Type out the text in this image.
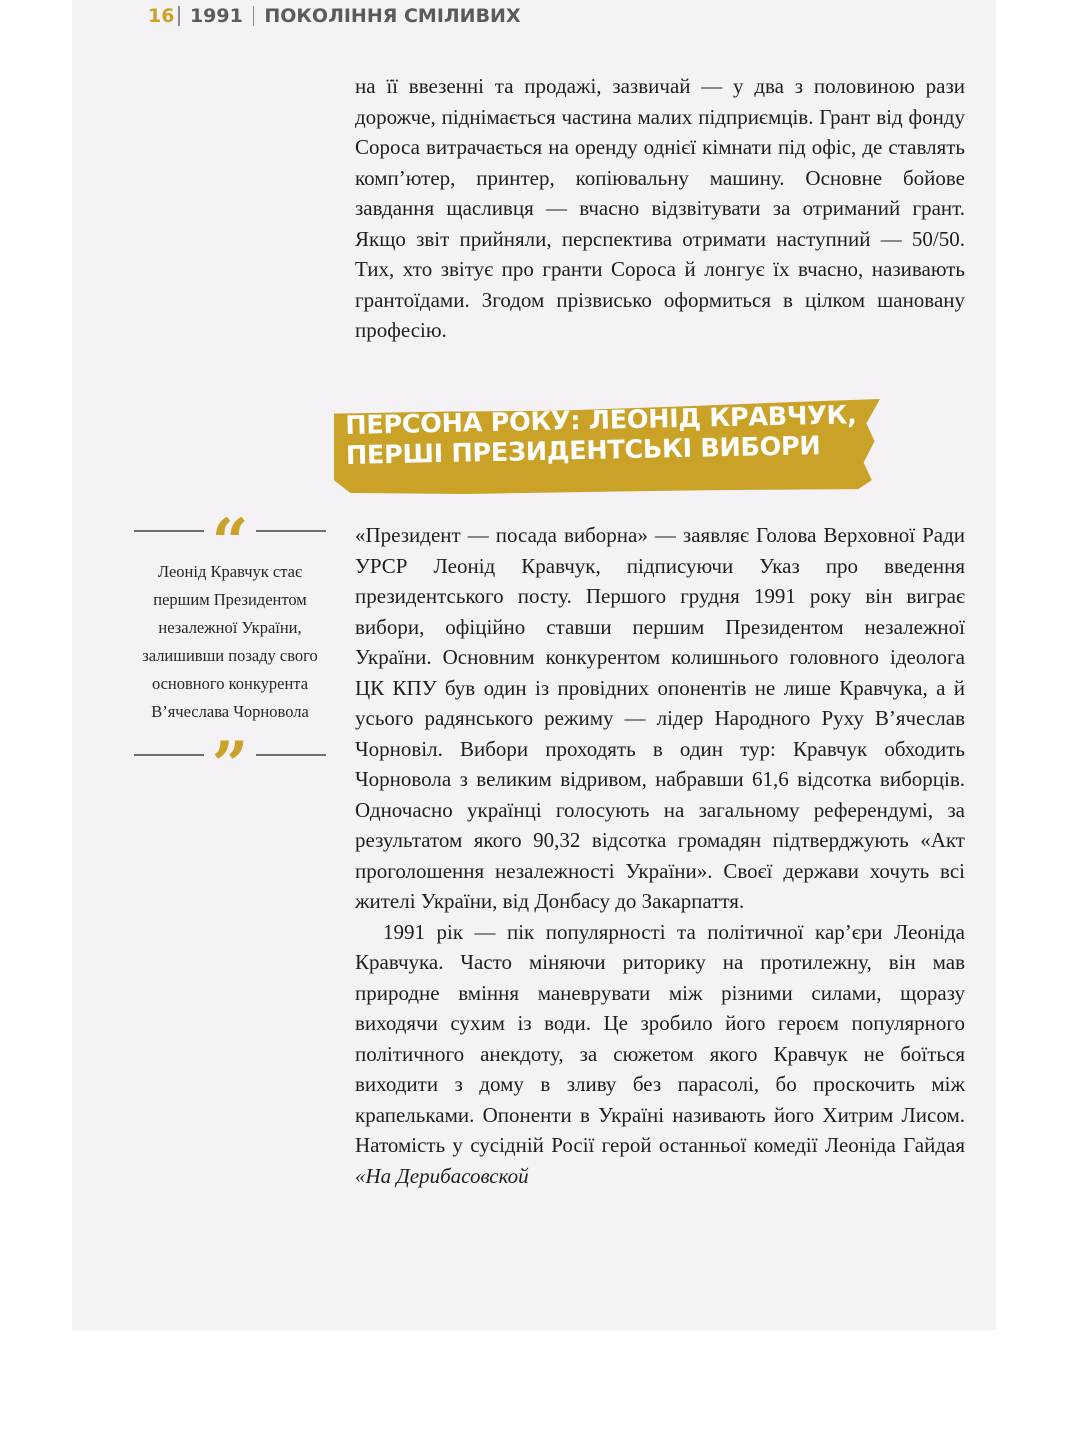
16 1991 ПОКОЛІННЯ СМІЛИВИХ

на її ввезенні та продажі, зазвичай — у два з половиною рази дорожче, піднімається частина малих підприємців. Грант від фонду Сороса витрачається на оренду однієї кімнати під офіс, де ставлять комп’ютер, принтер, копіювальну машину. Основне бойове завдання щасливця — вчасно відзвітувати за отриманий грант. Якщо звіт прийняли, перспектива отримати наступний — 50/50. Тих, хто звітує про гранти Сороса й лонгує їх вчасно, називають грантоїдами. Згодом прізвисько оформиться в цілком шановану професію.

ПЕРСОНА РОКУ: ЛЕОНІД КРАВЧУК,
ПЕРШІ ПРЕЗИДЕНТСЬКІ ВИБОРИ
“
Леонід Кравчук стає першим Президентом незалежної України, залишивши позаду свого основного конкурента В’ячеслава Чорновола
”

«Президент — посада виборна» — заявляє Голова Верховної Ради УРСР Леонід Кравчук, підписуючи Указ про введення президентського посту. Першого грудня 1991 року він виграє вибори, офіційно ставши першим Президентом незалежної України. Основним конкурентом колишнього головного ідеолога ЦК КПУ був один із провідних опонентів не лише Кравчука, а й усього радянського режиму — лідер Народного Руху В’ячеслав Чорновіл. Вибори проходять в один тур: Кравчук обходить Чорновола з великим відривом, набравши 61,6 відсотка виборців. Одночасно українці голосують на загальному референдумі, за результатом якого 90,32 відсотка громадян підтверджують «Акт проголошення незалежності України». Своєї держави хочуть всі жителі України, від Донбасу до Закарпаття.

1991 рік — пік популярності та політичної кар’єри Леоніда Кравчука. Часто міняючи риторику на протилежну, він мав природне вміння маневрувати між різними силами, щоразу виходячи сухим із води. Це зробило його героєм популярного політичного анекдоту, за сюжетом якого Кравчук не боїться виходити з дому в зливу без парасолі, бо проскочить між крапельками. Опоненти в Україні називають його Хитрим Лисом. Натомість у сусідній Росії герой останньої комедії Леоніда Гайдая «На Дерибасовской
